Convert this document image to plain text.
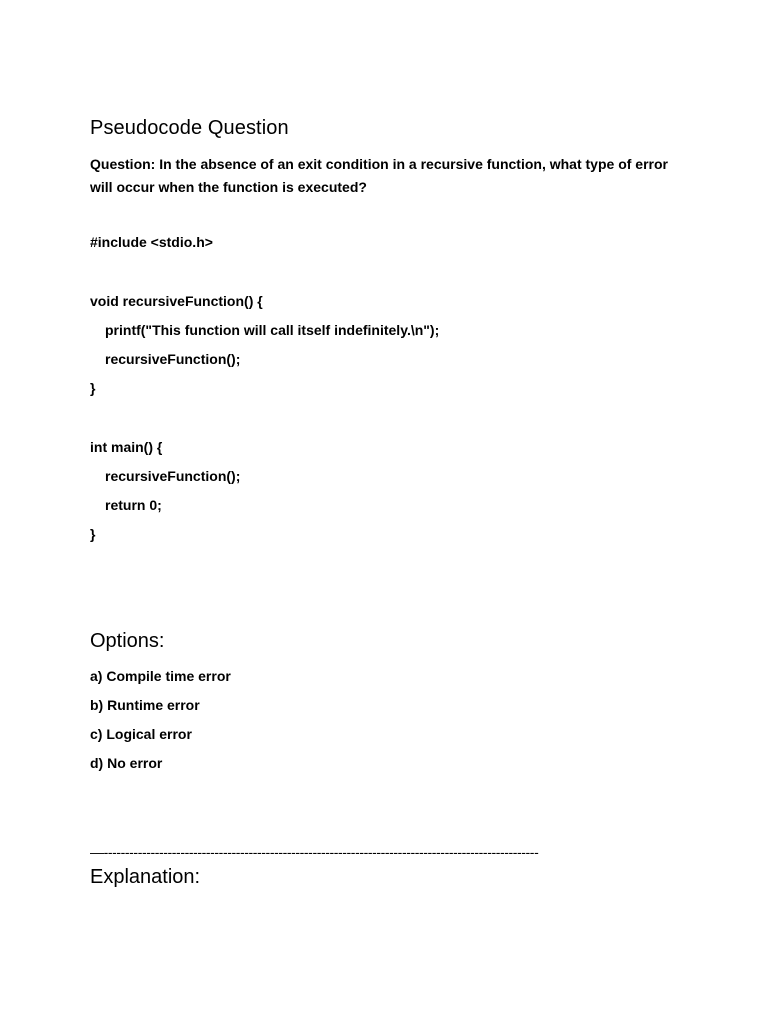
Pseudocode Question
Question: In the absence of an exit condition in a recursive function, what type of error will occur when the function is executed?
#include <stdio.h>
void recursiveFunction() {
printf("This function will call itself indefinitely.\n");
recursiveFunction();
}
int main() {
recursiveFunction();
return 0;
}
Options:
a) Compile time error
b) Runtime error
c) Logical error
d) No error
—------------------------------------------------------------------------------------------------------
Explanation:
